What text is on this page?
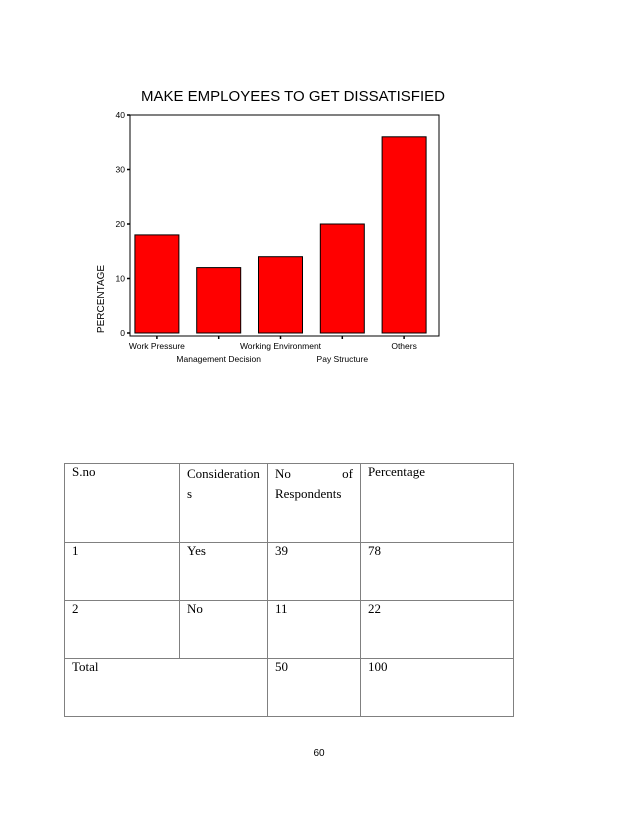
MAKE EMPLOYEES TO GET DISSATISFIED
PERCENTAGE 0
10
20
30
40
Work Pressure
Management Decision
Working Environment
Pay Structure
Others
S.no	Consideration s	No of Respondents	Percentage
1	Yes	39	78
2	No	11	22
Total		50	100
60
